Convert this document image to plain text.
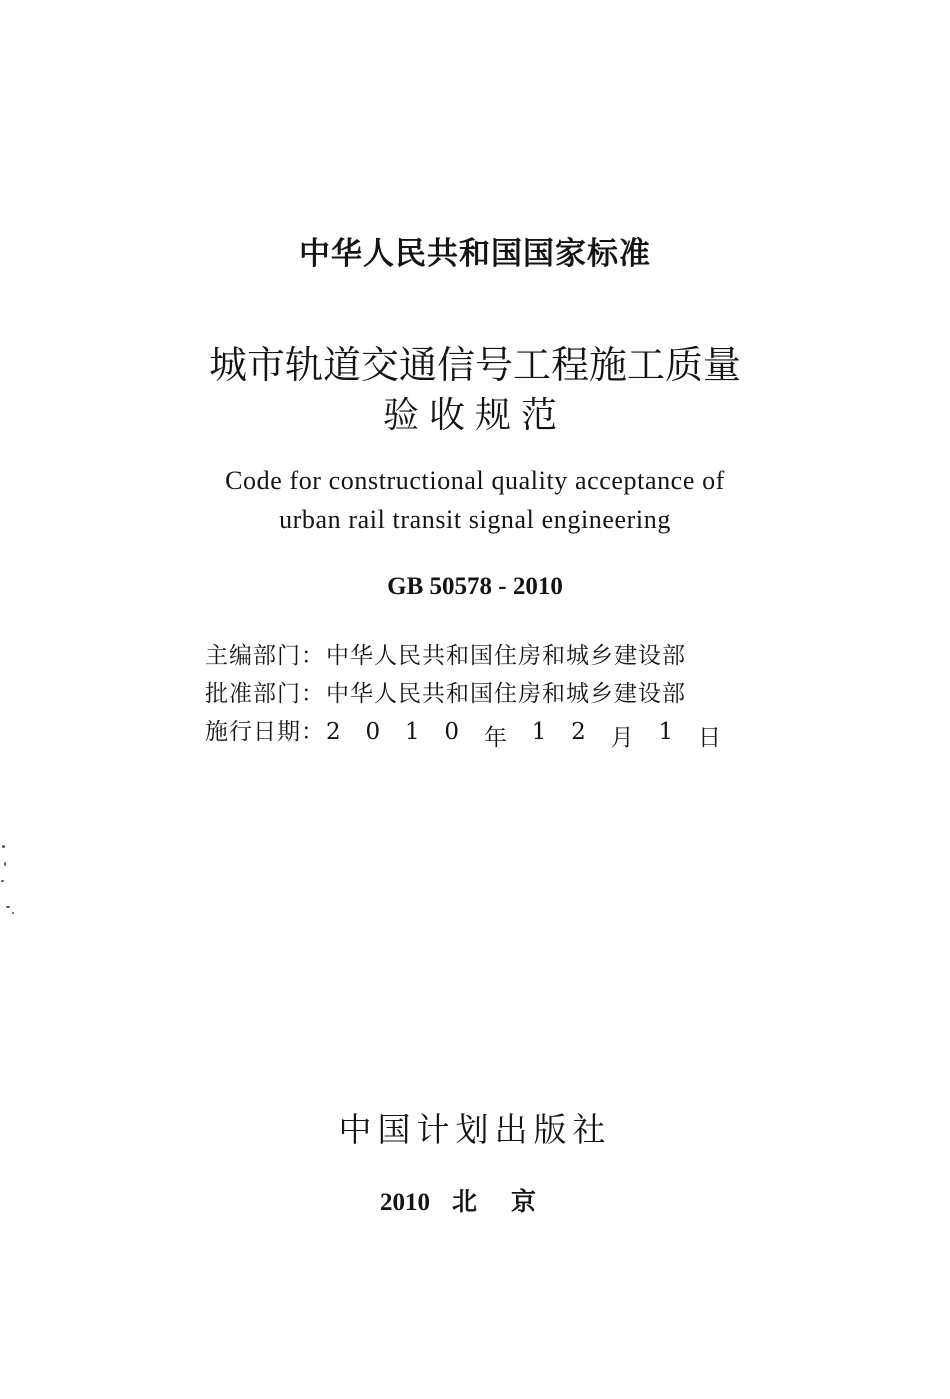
中华人民共和国国家标准
城市轨道交通信号工程施工质量
验收规范
Code for constructional quality acceptance of
urban rail transit signal engineering
GB 50578 - 2010
主编部门 ： 中华人民共和国住房和城乡建设部
批准部门 ： 中华人民共和国住房和城乡建设部
施行日期 ： 2 0 1 0 年 1 2 月 1 日
中国计划出版社
2010 北京
